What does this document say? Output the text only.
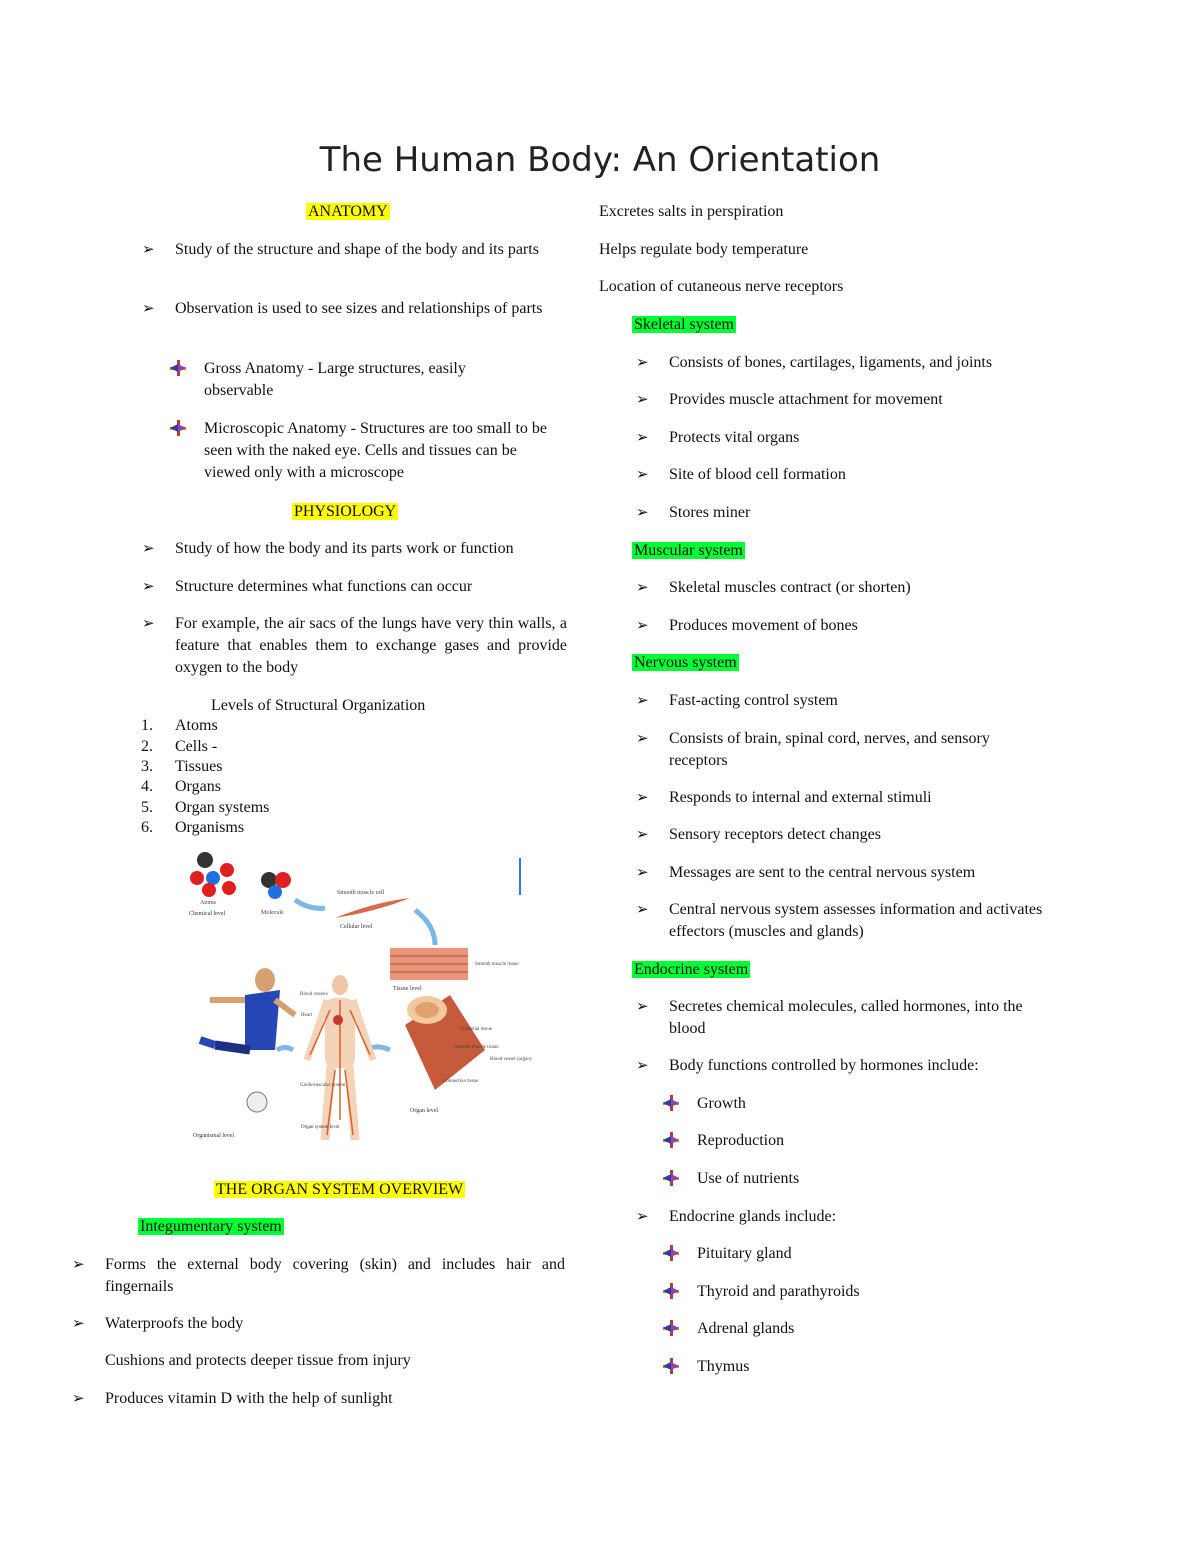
The Human Body: An Orientation
ANATOMY
➢ Study of the structure and shape of the body and its parts
➢ Observation is used to see sizes and relationships of parts
Gross Anatomy - Large structures, easily observable
Microscopic Anatomy - Structures are too small to be seen with the naked eye. Cells and tissues can be viewed only with a microscope
PHYSIOLOGY
➢ Study of how the body and its parts work or function
➢ Structure determines what functions can occur
➢ For example, the air sacs of the lungs have very thin walls, a feature that enables them to exchange gases and provide oxygen to the body
Levels of Structural Organization
1. Atoms
2. Cells -
3. Tissues
4. Organs
5. Organ systems
6. Organisms
Atoms
Molecule
Chemical level
Smooth muscle cell
Cellular level
Smooth muscle tissue
Tissue level
Epithelial tissue
Smooth muscle tissue
Connective tissue
Blood vessel (organ)
Organ level
Blood vessels
Heart
Cardiovascular system
Organ system level
Organismal level
THE ORGAN SYSTEM OVERVIEW
Integumentary system
➢ Forms the external body covering (skin) and includes hair and fingernails
➢ Waterproofs the body
Cushions and protects deeper tissue from injury
➢ Produces vitamin D with the help of sunlight
Excretes salts in perspiration
Helps regulate body temperature
Location of cutaneous nerve receptors
Skeletal system
➢ Consists of bones, cartilages, ligaments, and joints
➢ Provides muscle attachment for movement
➢ Protects vital organs
➢ Site of blood cell formation
➢ Stores miner
Muscular system
➢ Skeletal muscles contract (or shorten)
➢ Produces movement of bones
Nervous system
➢ Fast-acting control system
➢ Consists of brain, spinal cord, nerves, and sensory receptors
➢ Responds to internal and external stimuli
➢ Sensory receptors detect changes
➢ Messages are sent to the central nervous system
➢ Central nervous system assesses information and activates effectors (muscles and glands)
Endocrine system
➢ Secretes chemical molecules, called hormones, into the blood
➢ Body functions controlled by hormones include:
Growth
Reproduction
Use of nutrients
➢ Endocrine glands include:
Pituitary gland
Thyroid and parathyroids
Adrenal glands
Thymus
